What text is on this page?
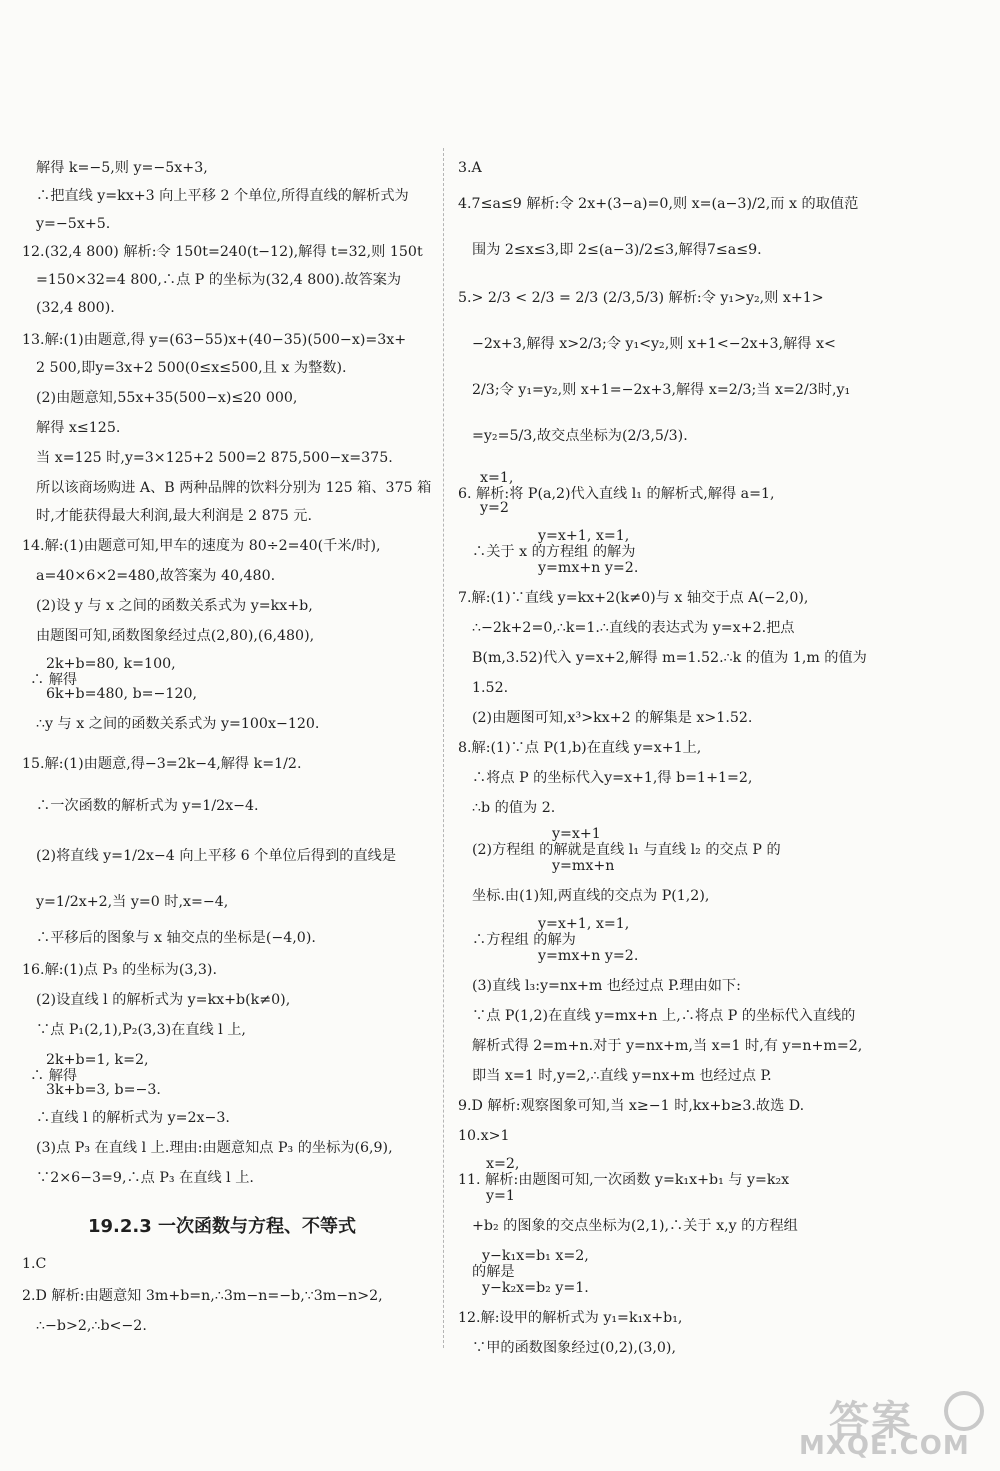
解得 k=−5,则 y=−5x+3,
∴把直线 y=kx+3 向上平移 2 个单位,所得直线的解析式为
y=−5x+5.
12.(32,4 800) 解析:令 150t=240(t−12),解得 t=32,则 150t
=150×32=4 800,∴点 P 的坐标为(32,4 800).故答案为
(32,4 800).
13.解:(1)由题意,得 y=(63−55)x+(40−35)(500−x)=3x+
2 500,即y=3x+2 500(0≤x≤500,且 x 为整数).
(2)由题意知,55x+35(500−x)≤20 000,
解得 x≤125.
当 x=125 时,y=3×125+2 500=2 875,500−x=375.
所以该商场购进 A、B 两种品牌的饮料分别为 125 箱、375 箱
时,才能获得最大利润,最大利润是 2 875 元.
14.解:(1)由题意可知,甲车的速度为 80÷2=40(千米/时),
a=40×6×2=480,故答案为 40,480.
(2)设 y 与 x 之间的函数关系式为 y=kx+b,
由题图可知,函数图象经过点(2,80),(6,480),
2k+b=80, k=100,
∴ 解得
6k+b=480, b=−120,
∴y 与 x 之间的函数关系式为 y=100x−120.
15.解:(1)由题意,得−3=2k−4,解得 k=1/2.
∴一次函数的解析式为 y=1/2x−4.
(2)将直线 y=1/2x−4 向上平移 6 个单位后得到的直线是
y=1/2x+2,当 y=0 时,x=−4,
∴平移后的图象与 x 轴交点的坐标是(−4,0).
16.解:(1)点 P₃ 的坐标为(3,3).
(2)设直线 l 的解析式为 y=kx+b(k≠0),
∵点 P₁(2,1),P₂(3,3)在直线 l 上,
2k+b=1, k=2,
∴ 解得
3k+b=3, b=−3.
∴直线 l 的解析式为 y=2x−3.
(3)点 P₃ 在直线 l 上.理由:由题意知点 P₃ 的坐标为(6,9),
∵2×6−3=9,∴点 P₃ 在直线 l 上.
1.C
2.D 解析:由题意知 3m+b=n,∴3m−n=−b,∵3m−n>2,
∴−b>2,∴b<−2.
3.A
4.7≤a≤9 解析:令 2x+(3−a)=0,则 x=(a−3)/2,而 x 的取值范
围为 2≤x≤3,即 2≤(a−3)/2≤3,解得7≤a≤9.
5.> 2/3 < 2/3 = 2/3 (2/3,5/3) 解析:令 y₁>y₂,则 x+1>
−2x+3,解得 x>2/3;令 y₁<y₂,则 x+1<−2x+3,解得 x<
2/3;令 y₁=y₂,则 x+1=−2x+3,解得 x=2/3;当 x=2/3时,y₁
=y₂=5/3,故交点坐标为(2/3,5/3).
x=1,
6. 解析:将 P(a,2)代入直线 l₁ 的解析式,解得 a=1,
y=2
y=x+1, x=1,
∴关于 x 的方程组 的解为
y=mx+n y=2.
7.解:(1)∵直线 y=kx+2(k≠0)与 x 轴交于点 A(−2,0),
∴−2k+2=0,∴k=1.∴直线的表达式为 y=x+2.把点
B(m,3.52)代入 y=x+2,解得 m=1.52.∴k 的值为 1,m 的值为
1.52.
(2)由题图可知,x³>kx+2 的解集是 x>1.52.
8.解:(1)∵点 P(1,b)在直线 y=x+1上,
∴将点 P 的坐标代入y=x+1,得 b=1+1=2,
∴b 的值为 2.
y=x+1
(2)方程组 的解就是直线 l₁ 与直线 l₂ 的交点 P 的
y=mx+n
坐标.由(1)知,两直线的交点为 P(1,2),
y=x+1, x=1,
∴方程组 的解为
y=mx+n y=2.
(3)直线 l₃:y=nx+m 也经过点 P.理由如下:
∵点 P(1,2)在直线 y=mx+n 上,∴将点 P 的坐标代入直线的
解析式得 2=m+n.对于 y=nx+m,当 x=1 时,有 y=n+m=2,
即当 x=1 时,y=2,∴直线 y=nx+m 也经过点 P.
9.D 解析:观察图象可知,当 x≥−1 时,kx+b≥3.故选 D.
10.x>1
x=2,
11. 解析:由题图可知,一次函数 y=k₁x+b₁ 与 y=k₂x
y=1
+b₂ 的图象的交点坐标为(2,1),∴关于 x,y 的方程组
y−k₁x=b₁ x=2,
的解是
y−k₂x=b₂ y=1.
12.解:设甲的解析式为 y₁=k₁x+b₁,
∵甲的函数图象经过(0,2),(3,0),
19.2.3 一次函数与方程、不等式
答案
MXQE.COM
